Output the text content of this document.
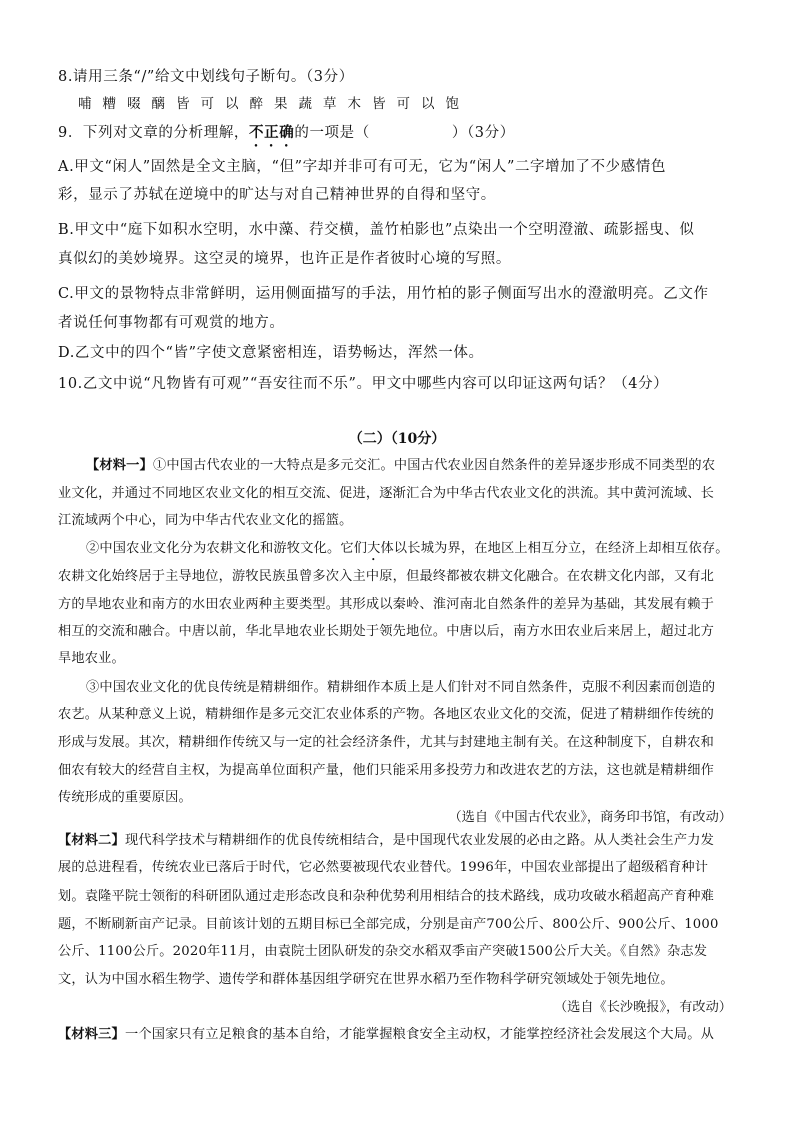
8.请用三条“/”给文中划线句子断句。（3分）
哺糟啜醨皆可以醉果蔬草木皆可以饱
9．下列对文章的分析理解，不正确的一项是（	）（3分）
A.甲文“闲人”固然是全文主脑，“但”字却并非可有可无，它为“闲人”二字增加了不少感情色
彩，显示了苏轼在逆境中的旷达与对自己精神世界的自得和坚守。
B.甲文中“庭下如积水空明，水中藻、荇交横，盖竹柏影也”点染出一个空明澄澈、疏影摇曳、似
真似幻的美妙境界。这空灵的境界，也许正是作者彼时心境的写照。
C.甲文的景物特点非常鲜明，运用侧面描写的手法，用竹柏的影子侧面写出水的澄澈明亮。乙文作
者说任何事物都有可观赏的地方。
D.乙文中的四个“皆”字使文意紧密相连，语势畅达，浑然一体。
10.乙文中说“凡物皆有可观”“吾安往而不乐”。甲文中哪些内容可以印证这两句话？（4分）
（二）（10分）
【材料一】①中国古代农业的一大特点是多元交汇。中国古代农业因自然条件的差异逐步形成不同类型的农
业文化，并通过不同地区农业文化的相互交流、促进，逐渐汇合为中华古代农业文化的洪流。其中黄河流域、长
江流域两个中心，同为中华古代农业文化的摇篮。
②中国农业文化分为农耕文化和游牧文化。它们大体以长城为界，在地区上相互分立，在经济上却相互依存。
农耕文化始终居于主导地位，游牧民族虽曾多次入主中原，但最终都被农耕文化融合。在农耕文化内部，又有北
方的旱地农业和南方的水田农业两种主要类型。其形成以秦岭、淮河南北自然条件的差异为基础，其发展有赖于
相互的交流和融合。中唐以前，华北旱地农业长期处于领先地位。中唐以后，南方水田农业后来居上，超过北方
旱地农业。
③中国农业文化的优良传统是精耕细作。精耕细作本质上是人们针对不同自然条件，克服不利因素而创造的
农艺。从某种意义上说，精耕细作是多元交汇农业体系的产物。各地区农业文化的交流，促进了精耕细作传统的
形成与发展。其次，精耕细作传统又与一定的社会经济条件，尤其与封建地主制有关。在这种制度下，自耕农和
佃农有较大的经营自主权，为提高单位面积产量，他们只能采用多投劳力和改进农艺的方法，这也就是精耕细作
传统形成的重要原因。
（选自《中国古代农业》，商务印书馆，有改动）
【材料二】现代科学技术与精耕细作的优良传统相结合，是中国现代农业发展的必由之路。从人类社会生产力发
展的总进程看，传统农业已落后于时代，它必然要被现代农业替代。1996年，中国农业部提出了超级稻育种计
划。袁隆平院士领衔的科研团队通过走形态改良和杂种优势利用相结合的技术路线，成功攻破水稻超高产育种难
题，不断刷新亩产记录。目前该计划的五期目标已全部完成，分别是亩产700公斤、800公斤、900公斤、1000
公斤、1100公斤。2020年11月，由袁院士团队研发的杂交水稻双季亩产突破1500公斤大关。《自然》杂志发
文，认为中国水稻生物学、遗传学和群体基因组学研究在世界水稻乃至作物科学研究领域处于领先地位。
（选自《长沙晚报》，有改动）
【材料三】一个国家只有立足粮食的基本自给，才能掌握粮食安全主动权，才能掌控经济社会发展这个大局。从
